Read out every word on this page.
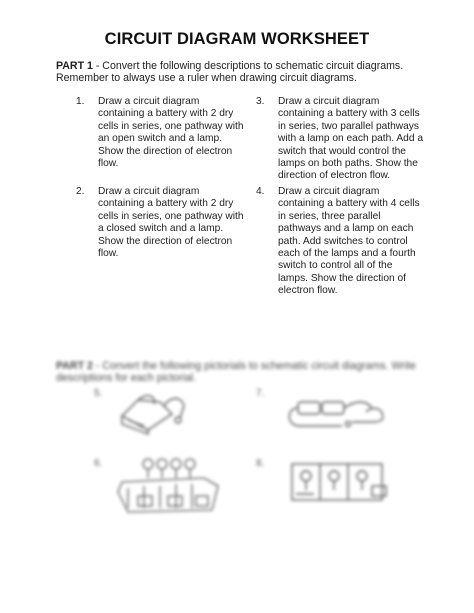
CIRCUIT DIAGRAM WORKSHEET
PART 1 - Convert the following descriptions to schematic circuit diagrams. Remember to always use a ruler when drawing circuit diagrams.
1. Draw a circuit diagram containing a battery with 2 dry cells in series, one pathway with an open switch and a lamp. Show the direction of electron flow.
2. Draw a circuit diagram containing a battery with 2 dry cells in series, one pathway with a closed switch and a lamp. Show the direction of electron flow.
3. Draw a circuit diagram containing a battery with 3 cells in series, two parallel pathways with a lamp on each path. Add a switch that would control the lamps on both paths. Show the direction of electron flow.
4. Draw a circuit diagram containing a battery with 4 cells in series, three parallel pathways and a lamp on each path. Add switches to control each of the lamps and a fourth switch to control all of the lamps. Show the direction of electron flow.
PART 2 - Convert the following pictorials to schematic circuit diagrams. Write descriptions for each pictorial.
5.	7.
6.	8.
